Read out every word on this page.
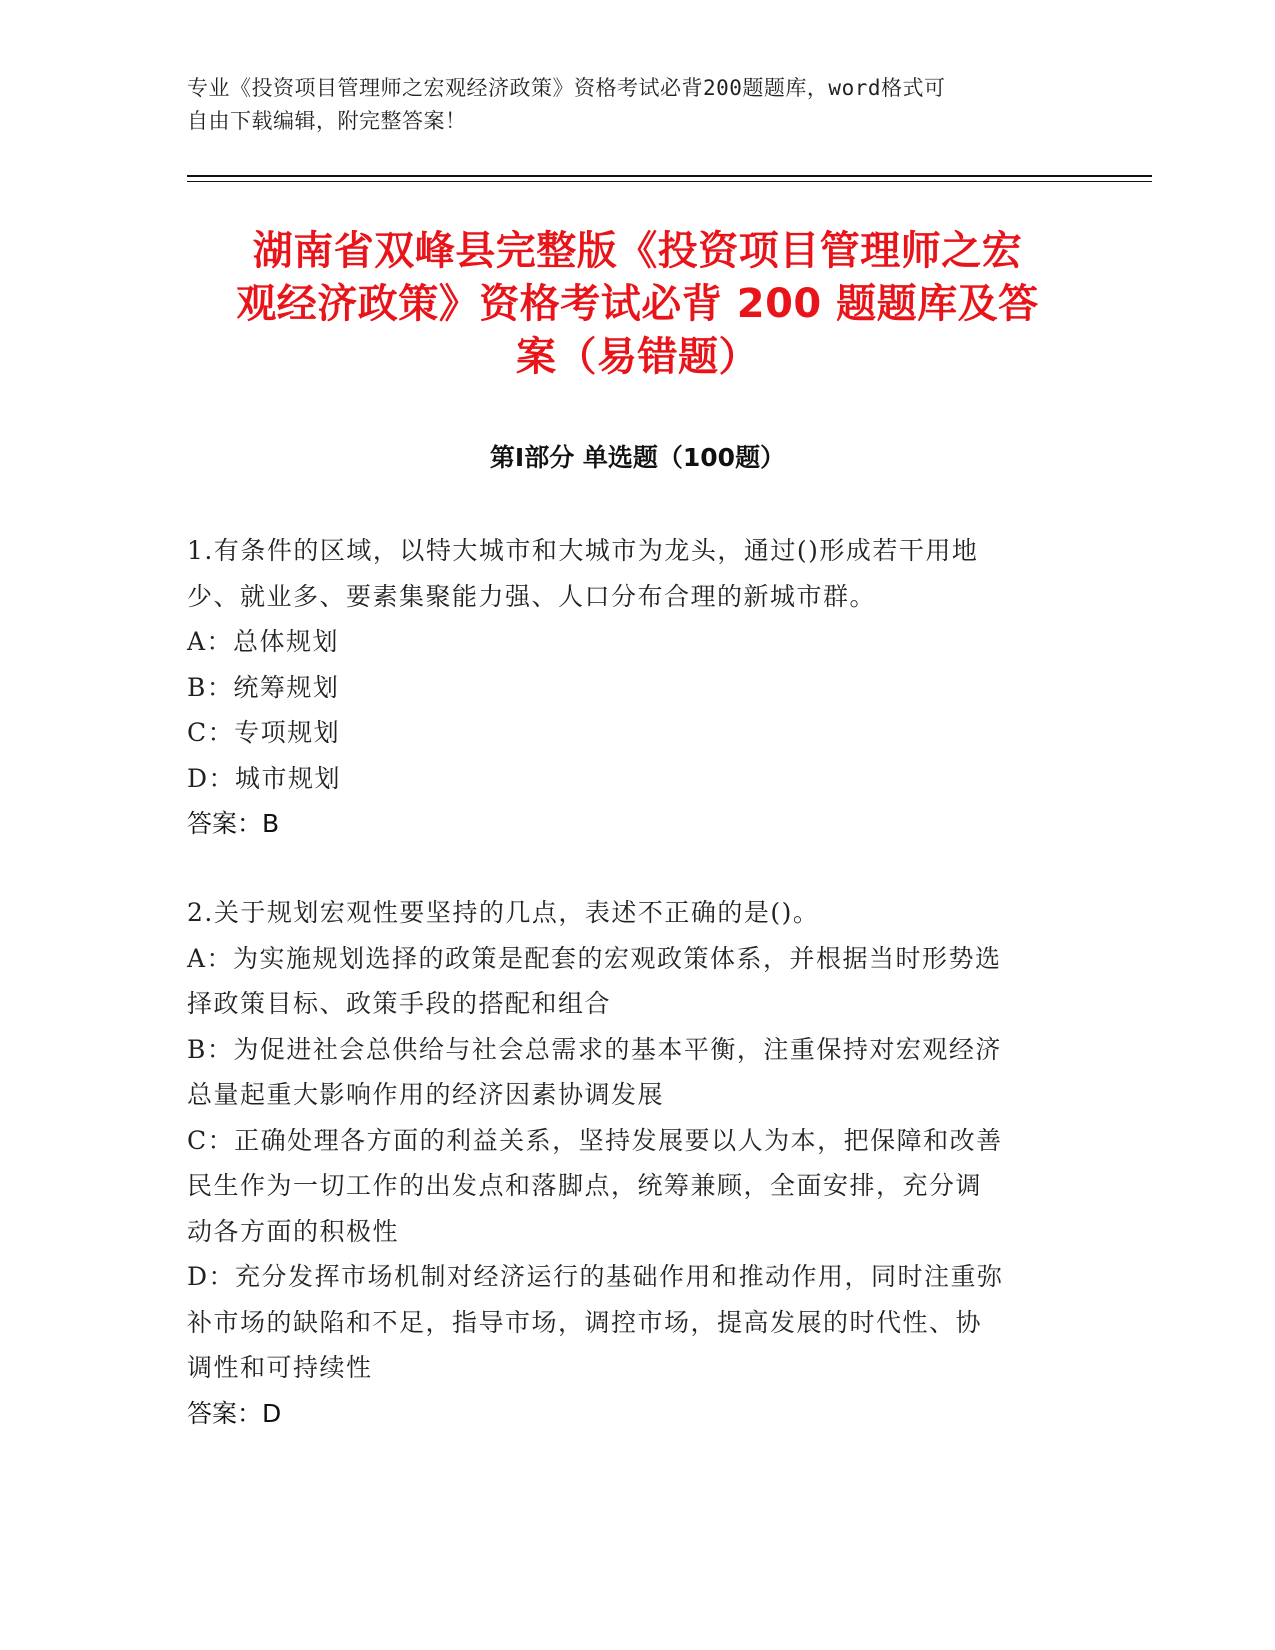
专业《投资项目管理师之宏观经济政策》资格考试必背200题题库，word格式可
自由下载编辑，附完整答案！
湖南省双峰县完整版《投资项目管理师之宏
观经济政策》资格考试必背 200 题题库及答
案（易错题）
第Ⅰ部分 单选题（100题）
1.有条件的区域，以特大城市和大城市为龙头，通过()形成若干用地
少、就业多、要素集聚能力强、人口分布合理的新城市群。
A：总体规划
B：统筹规划
C：专项规划
D：城市规划
答案：B
2.关于规划宏观性要坚持的几点，表述不正确的是()。
A：为实施规划选择的政策是配套的宏观政策体系，并根据当时形势选
择政策目标、政策手段的搭配和组合
B：为促进社会总供给与社会总需求的基本平衡，注重保持对宏观经济
总量起重大影响作用的经济因素协调发展
C：正确处理各方面的利益关系，坚持发展要以人为本，把保障和改善
民生作为一切工作的出发点和落脚点，统筹兼顾，全面安排，充分调
动各方面的积极性
D：充分发挥市场机制对经济运行的基础作用和推动作用，同时注重弥
补市场的缺陷和不足，指导市场，调控市场，提高发展的时代性、协
调性和可持续性
答案：D
